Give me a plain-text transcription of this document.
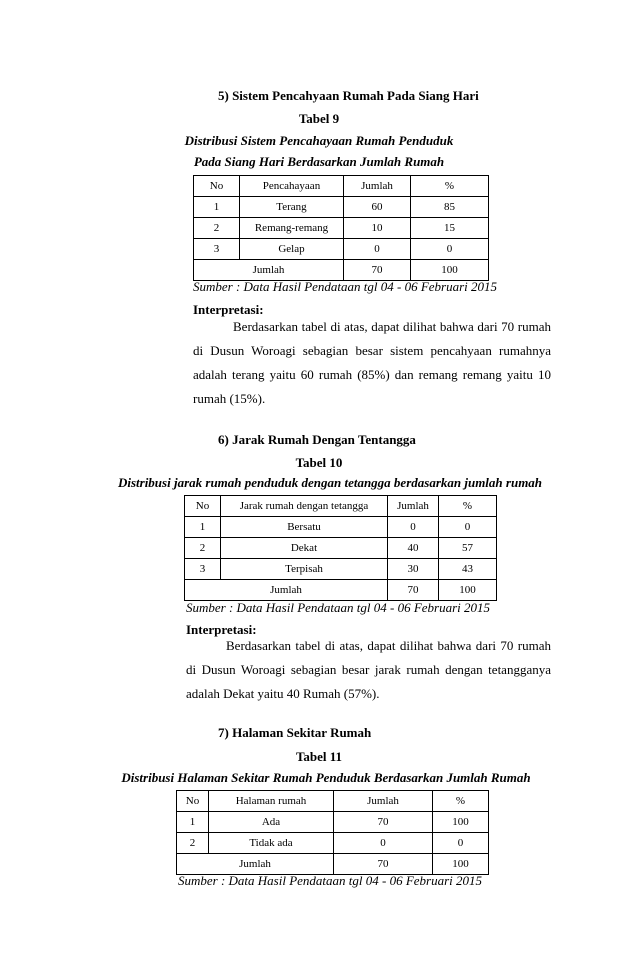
5) Sistem Pencahyaan Rumah Pada Siang Hari
Tabel 9
Distribusi Sistem Pencahayaan Rumah Penduduk
Pada Siang Hari Berdasarkan Jumlah Rumah
No	Pencahayaan	Jumlah	%
1	Terang	60	85
2	Remang-remang	10	15
3	Gelap	0	0
Jumlah		70	100
Sumber : Data Hasil Pendataan tgl 04 - 06 Februari 2015
Interpretasi:
Berdasarkan tabel di atas, dapat dilihat bahwa dari 70 rumah di Dusun Woroagi sebagian besar sistem pencahyaan rumahnya adalah terang yaitu 60 rumah (85%) dan remang remang yaitu 10 rumah (15%).
6) Jarak Rumah Dengan Tentangga
Tabel 10
Distribusi jarak rumah penduduk dengan tetangga berdasarkan jumlah rumah
No	Jarak rumah dengan tetangga	Jumlah	%
1	Bersatu	0	0
2	Dekat	40	57
3	Terpisah	30	43
Jumlah		70	100
Sumber : Data Hasil Pendataan tgl 04 - 06 Februari 2015
Interpretasi:
Berdasarkan tabel di atas, dapat dilihat bahwa dari 70 rumah di Dusun Woroagi sebagian besar jarak rumah dengan tetangganya adalah Dekat yaitu 40 Rumah (57%).
7) Halaman Sekitar Rumah
Tabel 11
Distribusi Halaman Sekitar Rumah Penduduk Berdasarkan Jumlah Rumah
No	Halaman rumah	Jumlah	%
1	Ada	70	100
2	Tidak ada	0	0
Jumlah		70	100
Sumber : Data Hasil Pendataan tgl 04 - 06 Februari 2015
